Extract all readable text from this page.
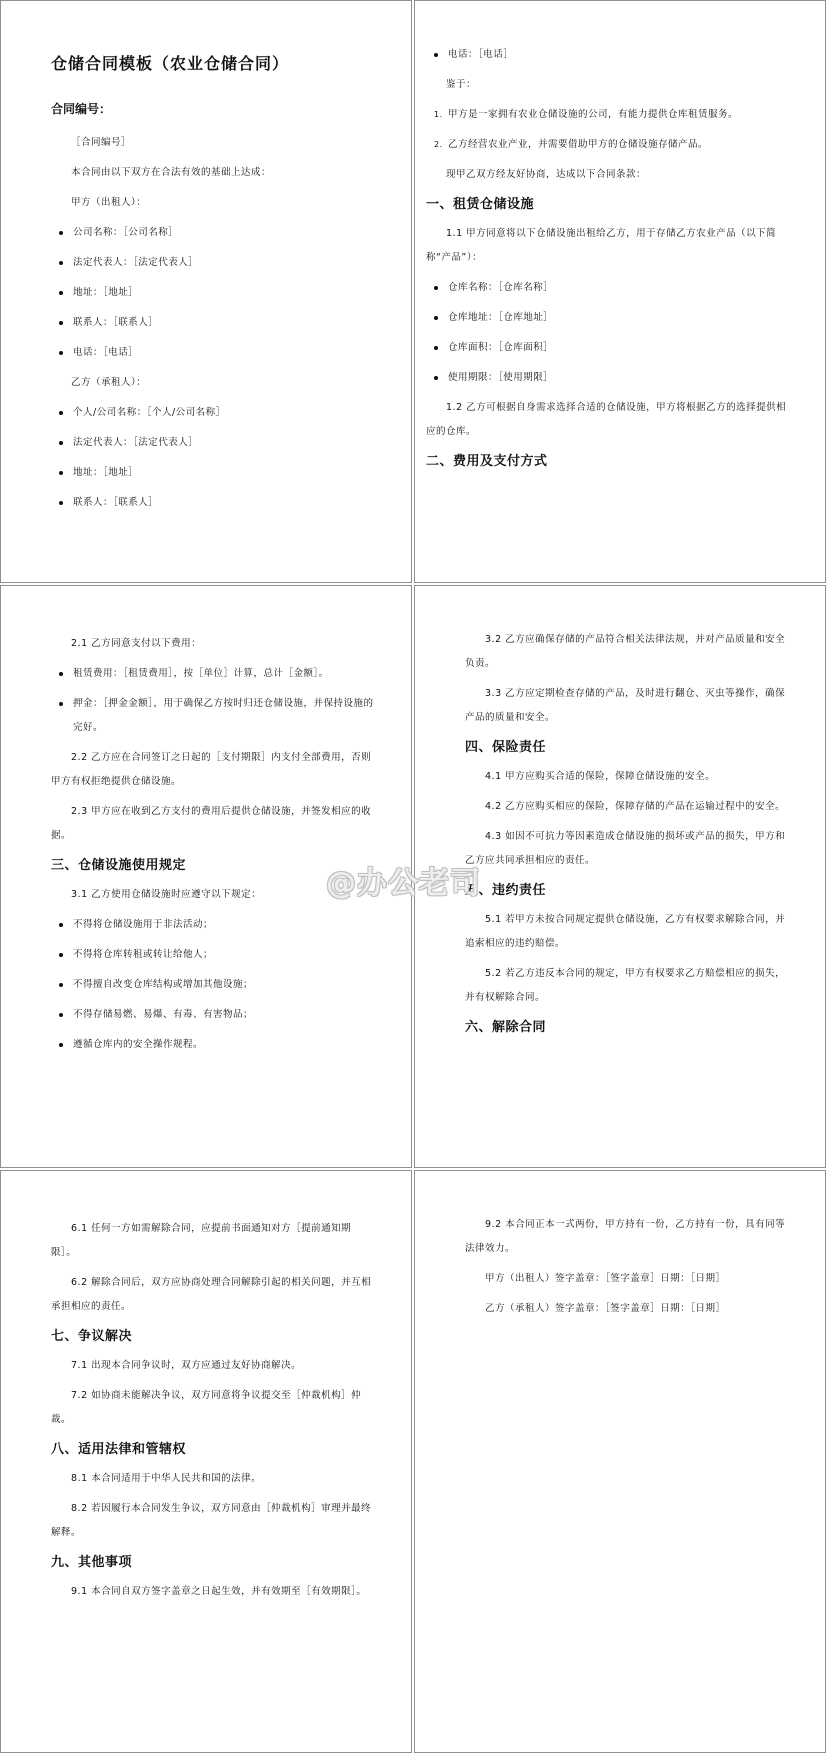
仓储合同模板（农业仓储合同）
合同编号：

［合同编号］

本合同由以下双方在合法有效的基础上达成：

甲方（出租人）：

公司名称：［公司名称］
法定代表人：［法定代表人］
地址：［地址］
联系人：［联系人］
电话：［电话］

乙方（承租人）：

个人/公司名称：［个人/公司名称］
法定代表人：［法定代表人］
地址：［地址］
联系人：［联系人］
电话：［电话］

鉴于：

1. 甲方是一家拥有农业仓储设施的公司，有能力提供仓库租赁服务。
2. 乙方经营农业产业，并需要借助甲方的仓储设施存储产品。

现甲乙双方经友好协商，达成以下合同条款：

一、租赁仓储设施

1.1 甲方同意将以下仓储设施出租给乙方，用于存储乙方农业产品（以下简称“产品”）：

仓库名称：［仓库名称］
仓库地址：［仓库地址］
仓库面积：［仓库面积］
使用期限：［使用期限］

1.2 乙方可根据自身需求选择合适的仓储设施，甲方将根据乙方的选择提供相应的仓库。

二、费用及支付方式

2.1 乙方同意支付以下费用：

租赁费用：［租赁费用］，按［单位］计算，总计［金额］。
押金：［押金金额］，用于确保乙方按时归还仓储设施，并保持设施的完好。

2.2 乙方应在合同签订之日起的［支付期限］内支付全部费用，否则甲方有权拒绝提供仓储设施。

2.3 甲方应在收到乙方支付的费用后提供仓储设施，并签发相应的收据。

三、仓储设施使用规定

3.1 乙方使用仓储设施时应遵守以下规定：

不得将仓储设施用于非法活动；
不得将仓库转租或转让给他人；
不得擅自改变仓库结构或增加其他设施；
不得存储易燃、易爆、有毒、有害物品；
遵循仓库内的安全操作规程。

3.2 乙方应确保存储的产品符合相关法律法规，并对产品质量和安全负责。

3.3 乙方应定期检查存储的产品，及时进行翻仓、灭虫等操作，确保产品的质量和安全。

四、保险责任

4.1 甲方应购买合适的保险，保障仓储设施的安全。

4.2 乙方应购买相应的保险，保障存储的产品在运输过程中的安全。

4.3 如因不可抗力等因素造成仓储设施的损坏或产品的损失，甲方和乙方应共同承担相应的责任。

五、违约责任

5.1 若甲方未按合同规定提供仓储设施，乙方有权要求解除合同，并追索相应的违约赔偿。

5.2 若乙方违反本合同的规定，甲方有权要求乙方赔偿相应的损失，并有权解除合同。

六、解除合同

6.1 任何一方如需解除合同，应提前书面通知对方［提前通知期限］。

6.2 解除合同后，双方应协商处理合同解除引起的相关问题，并互相承担相应的责任。

七、争议解决

7.1 出现本合同争议时，双方应通过友好协商解决。

7.2 如协商未能解决争议，双方同意将争议提交至［仲裁机构］仲裁。

八、适用法律和管辖权

8.1 本合同适用于中华人民共和国的法律。

8.2 若因履行本合同发生争议，双方同意由［仲裁机构］审理并最终解释。

九、其他事项

9.1 本合同自双方签字盖章之日起生效，并有效期至［有效期限］。

9.2 本合同正本一式两份，甲方持有一份，乙方持有一份，具有同等法律效力。

甲方（出租人）签字盖章：［签字盖章］日期：［日期］

乙方（承租人）签字盖章：［签字盖章］日期：［日期］

@办公老司
